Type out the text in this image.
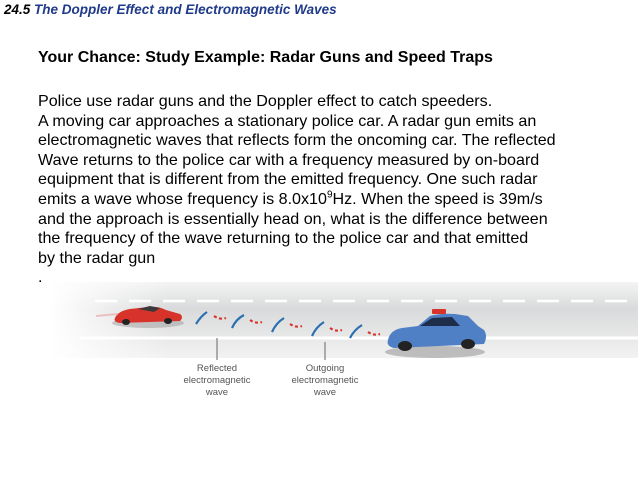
24.5 The Doppler Effect and Electromagnetic Waves
Your Chance: Study Example: Radar Guns and Speed Traps

Police use radar guns and the Doppler effect to catch speeders.

A moving car approaches a stationary police car. A radar gun emits an

electromagnetic waves that reflects form the oncoming car. The reflected

Wave returns to the police car with a frequency measured by on-board

equipment that is different from the emitted frequency. One such radar

emits a wave whose frequency is $8.0x10^9Hz$. When the speed is 39m/s

and the approach is essentially head on, what is the difference between

the frequency of the wave returning to the police car and that emitted

by the radar gun

.

Reflected
electromagnetic
wave
Outgoing
electromagnetic
wave
